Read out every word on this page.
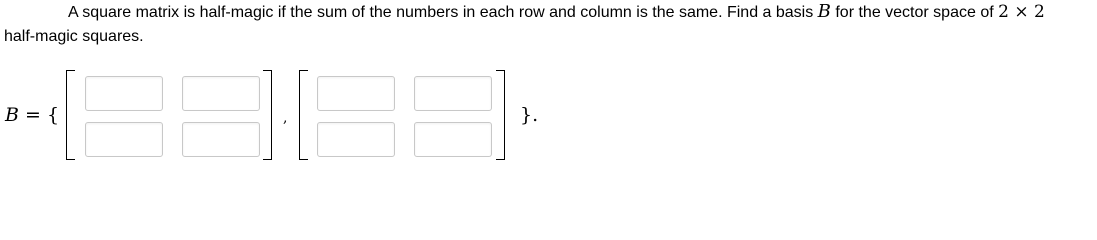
A square matrix is half-magic if the sum of the numbers in each row and column is the same. Find a basis B for the vector space of 2 × 2
half-magic squares.

B = {	,	}.
